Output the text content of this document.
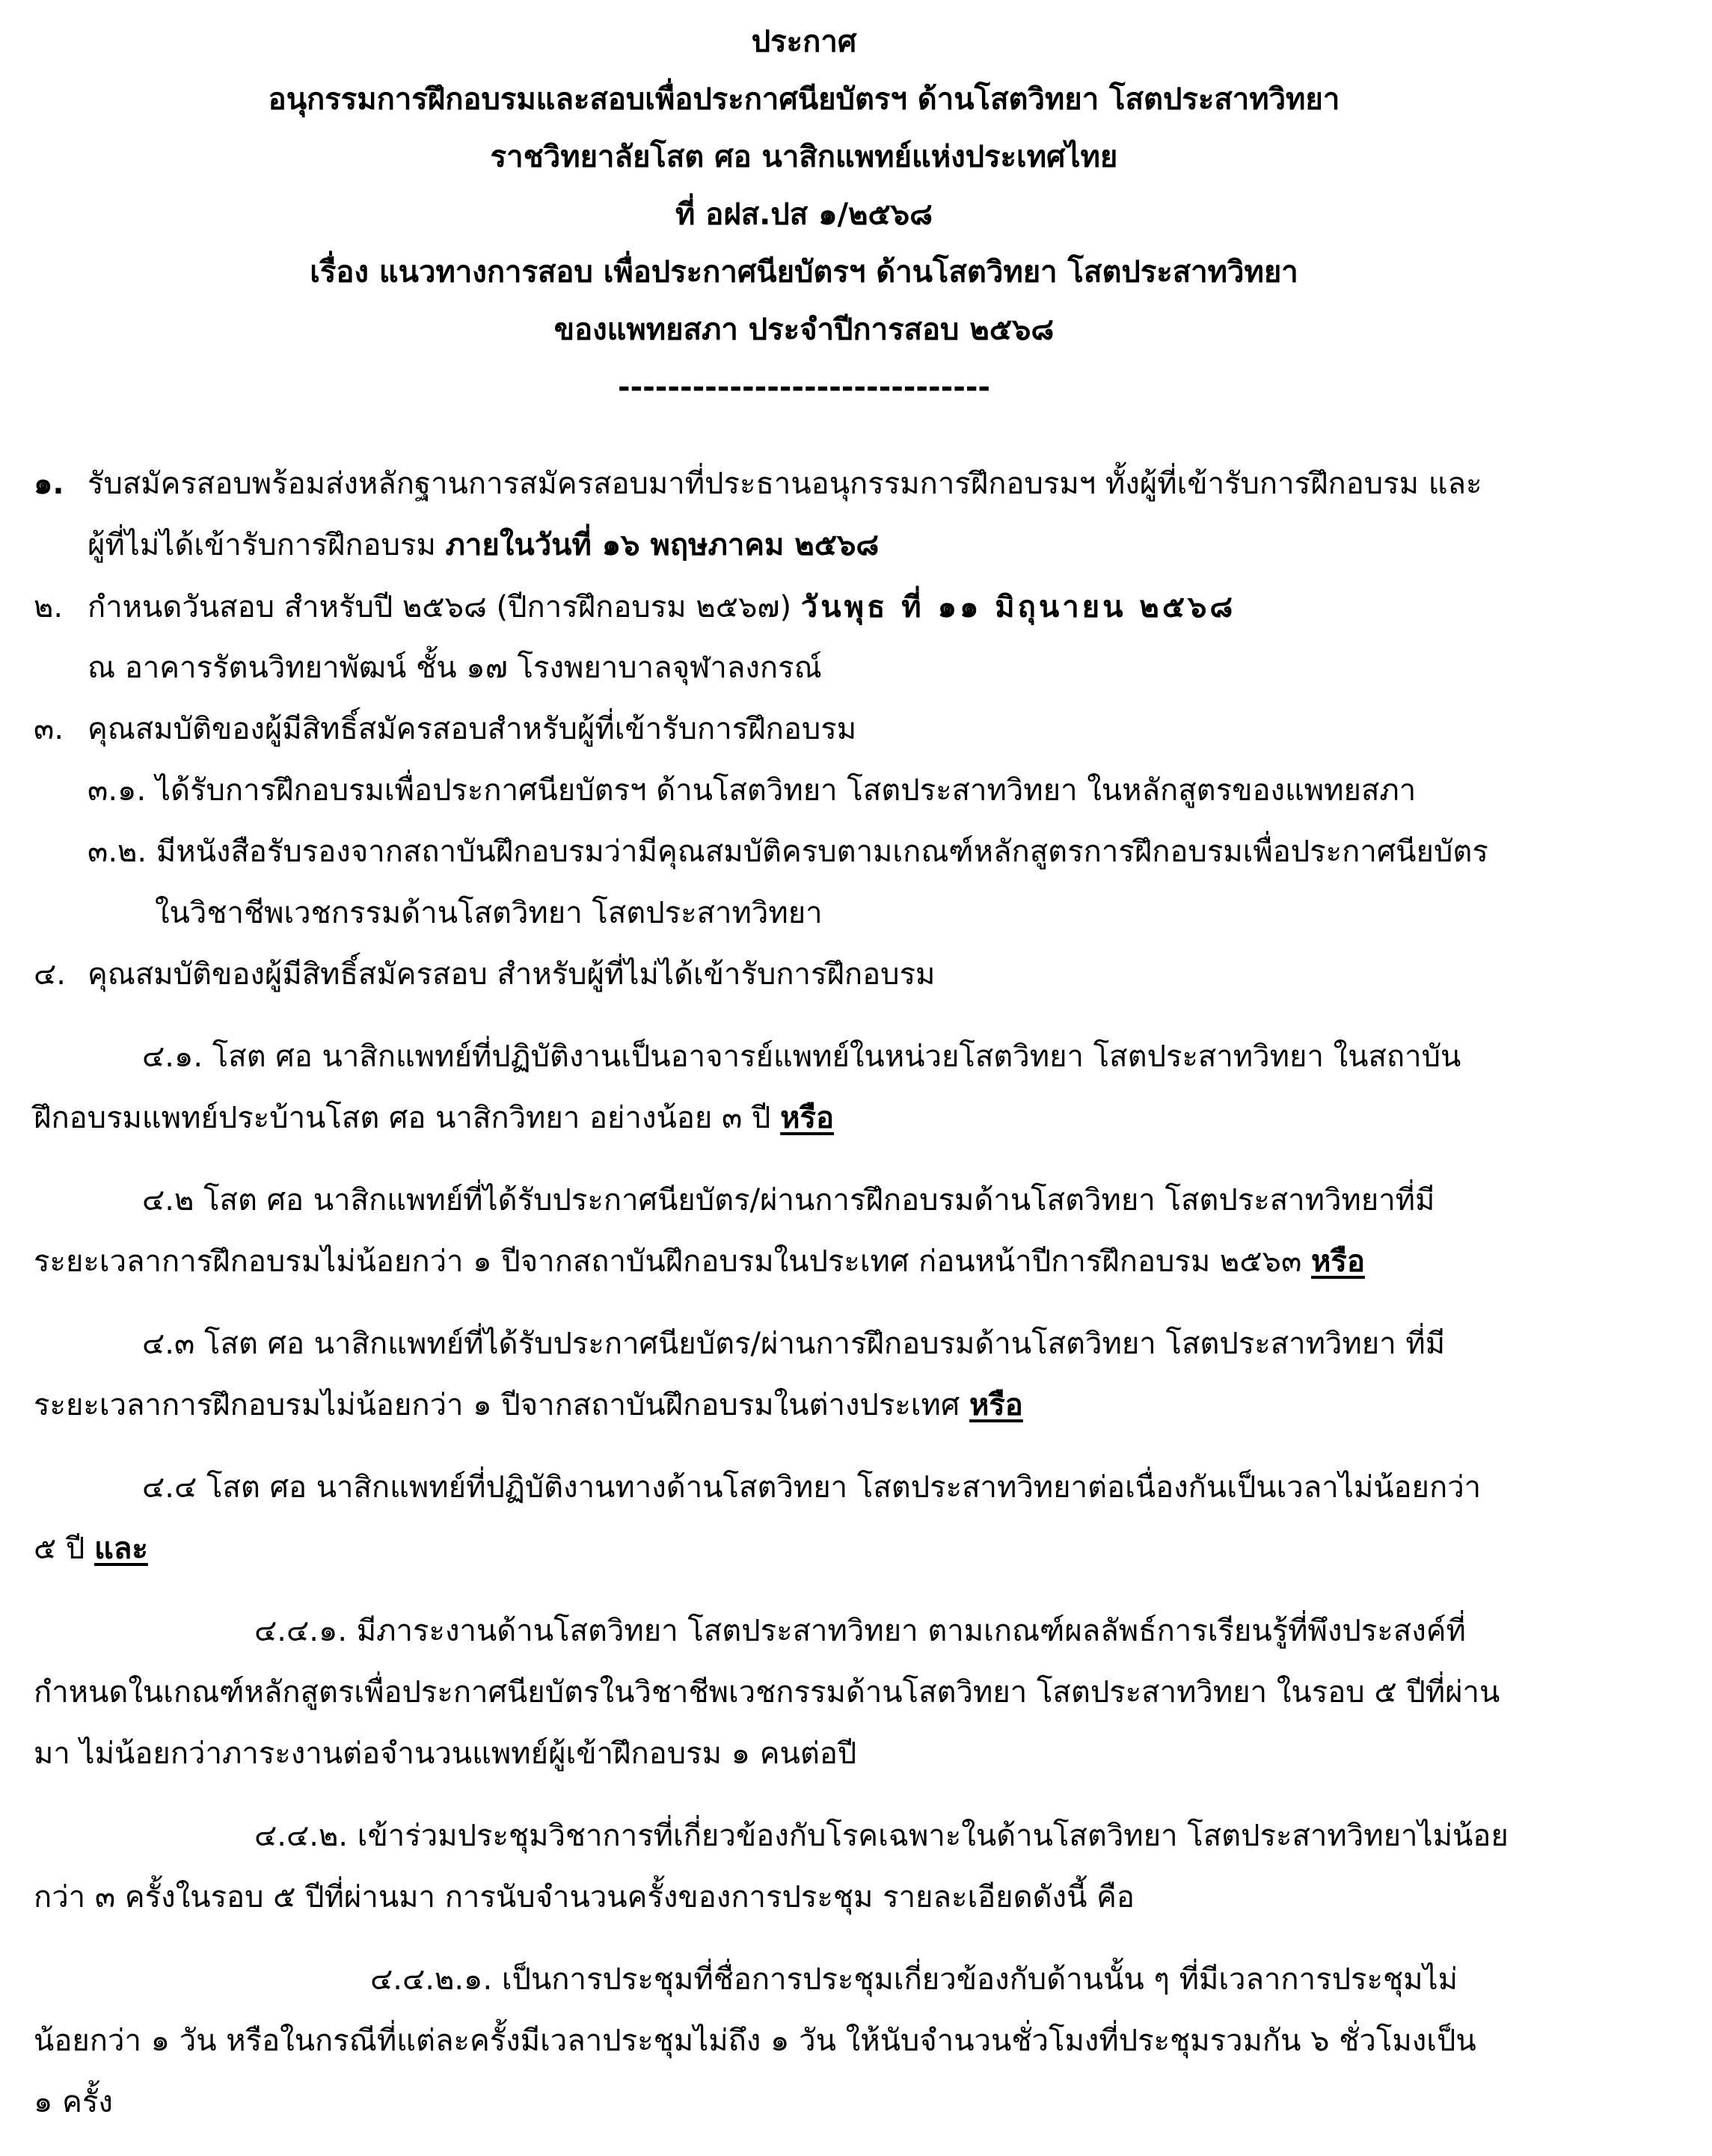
ประกาศ
อนุกรรมการฝึกอบรมและสอบเพื่อประกาศนียบัตรฯ ด้านโสตวิทยา โสตประสาทวิทยา
ราชวิทยาลัยโสต ศอ นาสิกแพทย์แห่งประเทศไทย
ที่ อฝส.ปส ๑/๒๕๖๘
เรื่อง แนวทางการสอบ เพื่อประกาศนียบัตรฯ ด้านโสตวิทยา โสตประสาทวิทยา
ของแพทยสภา ประจำปีการสอบ ๒๕๖๘
------------------------------
๑. รับสมัครสอบพร้อมส่งหลักฐานการสมัครสอบมาที่ประธานอนุกรรมการฝึกอบรมฯ ทั้งผู้ที่เข้ารับการฝึกอบรม และ
ผู้ที่ไม่ได้เข้ารับการฝึกอบรม ภายในวันที่ ๑๖ พฤษภาคม ๒๕๖๘
๒. กำหนดวันสอบ สำหรับปี ๒๕๖๘ (ปีการฝึกอบรม ๒๕๖๗) วันพุธ ที่ ๑๑ มิถุนายน ๒๕๖๘
ณ อาคารรัตนวิทยาพัฒน์ ชั้น ๑๗ โรงพยาบาลจุฬาลงกรณ์
๓. คุณสมบัติของผู้มีสิทธิ์สมัครสอบสำหรับผู้ที่เข้ารับการฝึกอบรม
๓.๑. ได้รับการฝึกอบรมเพื่อประกาศนียบัตรฯ ด้านโสตวิทยา โสตประสาทวิทยา ในหลักสูตรของแพทยสภา
๓.๒. มีหนังสือรับรองจากสถาบันฝึกอบรมว่ามีคุณสมบัติครบตามเกณฑ์หลักสูตรการฝึกอบรมเพื่อประกาศนียบัตร
ในวิชาชีพเวชกรรมด้านโสตวิทยา โสตประสาทวิทยา
๔. คุณสมบัติของผู้มีสิทธิ์สมัครสอบ สำหรับผู้ที่ไม่ได้เข้ารับการฝึกอบรม
๔.๑. โสต ศอ นาสิกแพทย์ที่ปฏิบัติงานเป็นอาจารย์แพทย์ในหน่วยโสตวิทยา โสตประสาทวิทยา ในสถาบัน
ฝึกอบรมแพทย์ประบ้านโสต ศอ นาสิกวิทยา อย่างน้อย ๓ ปี หรือ
๔.๒ โสต ศอ นาสิกแพทย์ที่ได้รับประกาศนียบัตร/ผ่านการฝึกอบรมด้านโสตวิทยา โสตประสาทวิทยาที่มี
ระยะเวลาการฝึกอบรมไม่น้อยกว่า ๑ ปีจากสถาบันฝึกอบรมในประเทศ ก่อนหน้าปีการฝึกอบรม ๒๕๖๓ หรือ
๔.๓ โสต ศอ นาสิกแพทย์ที่ได้รับประกาศนียบัตร/ผ่านการฝึกอบรมด้านโสตวิทยา โสตประสาทวิทยา ที่มี
ระยะเวลาการฝึกอบรมไม่น้อยกว่า ๑ ปีจากสถาบันฝึกอบรมในต่างประเทศ หรือ
๔.๔ โสต ศอ นาสิกแพทย์ที่ปฏิบัติงานทางด้านโสตวิทยา โสตประสาทวิทยาต่อเนื่องกันเป็นเวลาไม่น้อยกว่า
๕ ปี และ
๔.๔.๑. มีภาระงานด้านโสตวิทยา โสตประสาทวิทยา ตามเกณฑ์ผลลัพธ์การเรียนรู้ที่พึงประสงค์ที่
กำหนดในเกณฑ์หลักสูตรเพื่อประกาศนียบัตรในวิชาชีพเวชกรรมด้านโสตวิทยา โสตประสาทวิทยา ในรอบ ๕ ปีที่ผ่าน
มา ไม่น้อยกว่าภาระงานต่อจำนวนแพทย์ผู้เข้าฝึกอบรม ๑ คนต่อปี
๔.๔.๒. เข้าร่วมประชุมวิชาการที่เกี่ยวข้องกับโรคเฉพาะในด้านโสตวิทยา โสตประสาทวิทยาไม่น้อย
กว่า ๓ ครั้งในรอบ ๕ ปีที่ผ่านมา การนับจำนวนครั้งของการประชุม รายละเอียดดังนี้ คือ
๔.๔.๒.๑. เป็นการประชุมที่ชื่อการประชุมเกี่ยวข้องกับด้านนั้น ๆ ที่มีเวลาการประชุมไม่
น้อยกว่า ๑ วัน หรือในกรณีที่แต่ละครั้งมีเวลาประชุมไม่ถึง ๑ วัน ให้นับจำนวนชั่วโมงที่ประชุมรวมกัน ๖ ชั่วโมงเป็น
๑ ครั้ง
